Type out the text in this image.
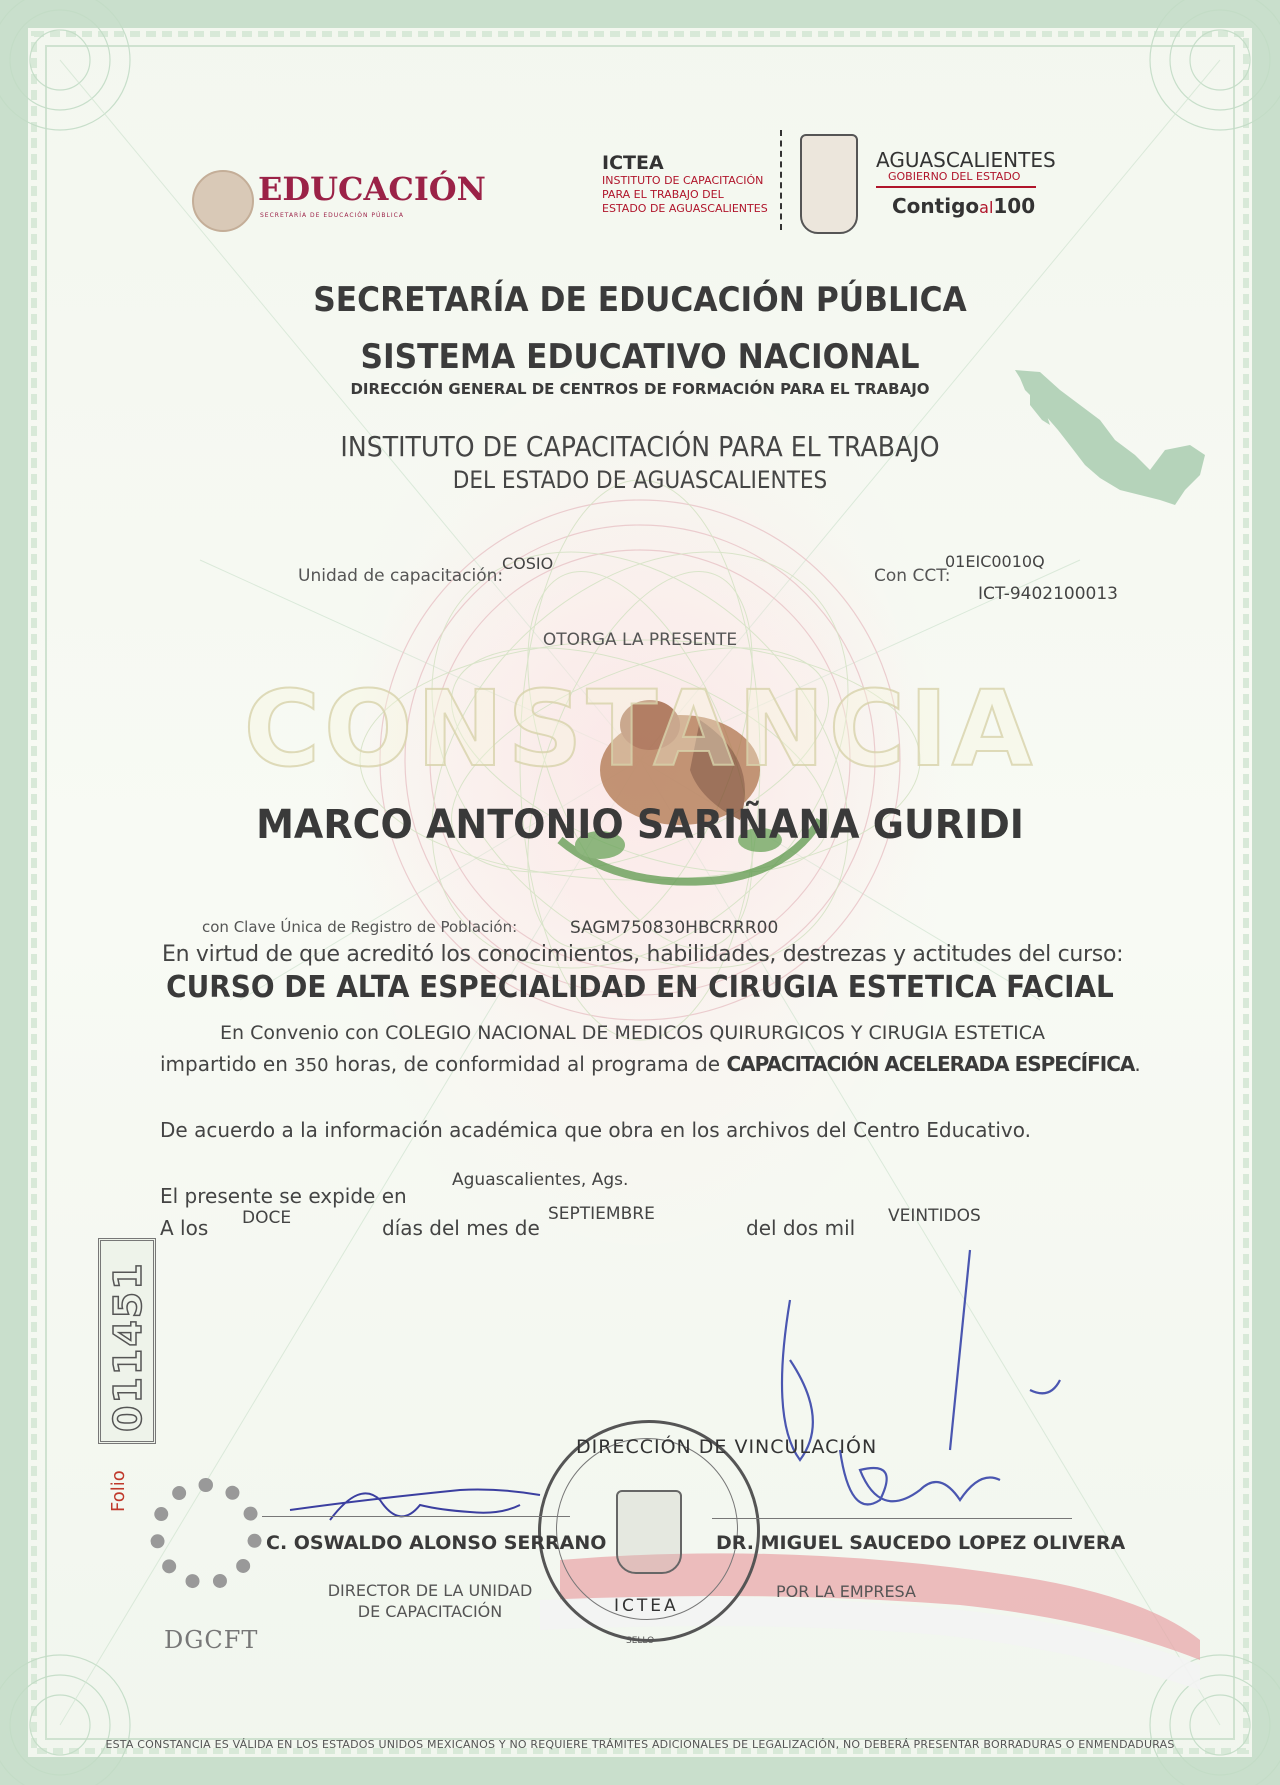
EDUCACIÓN
SECRETARÍA DE EDUCACIÓN PÚBLICA
ICTEA
INSTITUTO DE CAPACITACIÓN
PARA EL TRABAJO DEL
ESTADO DE AGUASCALIENTES
AGUASCALIENTES
GOBIERNO DEL ESTADO
Contigoal100
SECRETARÍA DE EDUCACIÓN PÚBLICA
SISTEMA EDUCATIVO NACIONAL
DIRECCIÓN GENERAL DE CENTROS DE FORMACIÓN PARA EL TRABAJO
INSTITUTO DE CAPACITACIÓN PARA EL TRABAJO
DEL ESTADO DE AGUASCALIENTES
Unidad de capacitación:
COSIO
Con CCT:
01EIC0010Q
ICT-9402100013
OTORGA LA PRESENTE
CONSTANCIA
MARCO ANTONIO SARIÑANA GURIDI
con Clave Única de Registro de Población:	SAGM750830HBCRRR00
En virtud de que acreditó los conocimientos, habilidades, destrezas y actitudes del curso:
CURSO DE ALTA ESPECIALIDAD EN CIRUGIA ESTETICA FACIAL
En Convenio con COLEGIO NACIONAL DE MEDICOS QUIRURGICOS Y CIRUGIA ESTETICA
impartido en 350 horas, de conformidad al programa de CAPACITACIÓN ACELERADA ESPECÍFICA.
De acuerdo a la información académica que obra en los archivos del Centro Educativo.
Aguascalientes, Ags.
El presente se expide en
A los DOCE	días del mes de
SEPTIEMBRE
del dos mil VEINTIDOS
Folio
011451
DIRECCIÓN DE VINCULACIÓN
ICTEA
SELLO
DGCFT
C. OSWALDO ALONSO SERRANO
DIRECTOR DE LA UNIDAD
DE CAPACITACIÓN
DR. MIGUEL SAUCEDO LOPEZ OLIVERA
POR LA EMPRESA
ESTA CONSTANCIA ES VÁLIDA EN LOS ESTADOS UNIDOS MEXICANOS Y NO REQUIERE TRÁMITES ADICIONALES DE LEGALIZACIÓN, NO DEBERÁ PRESENTAR BORRADURAS O ENMENDADURAS
